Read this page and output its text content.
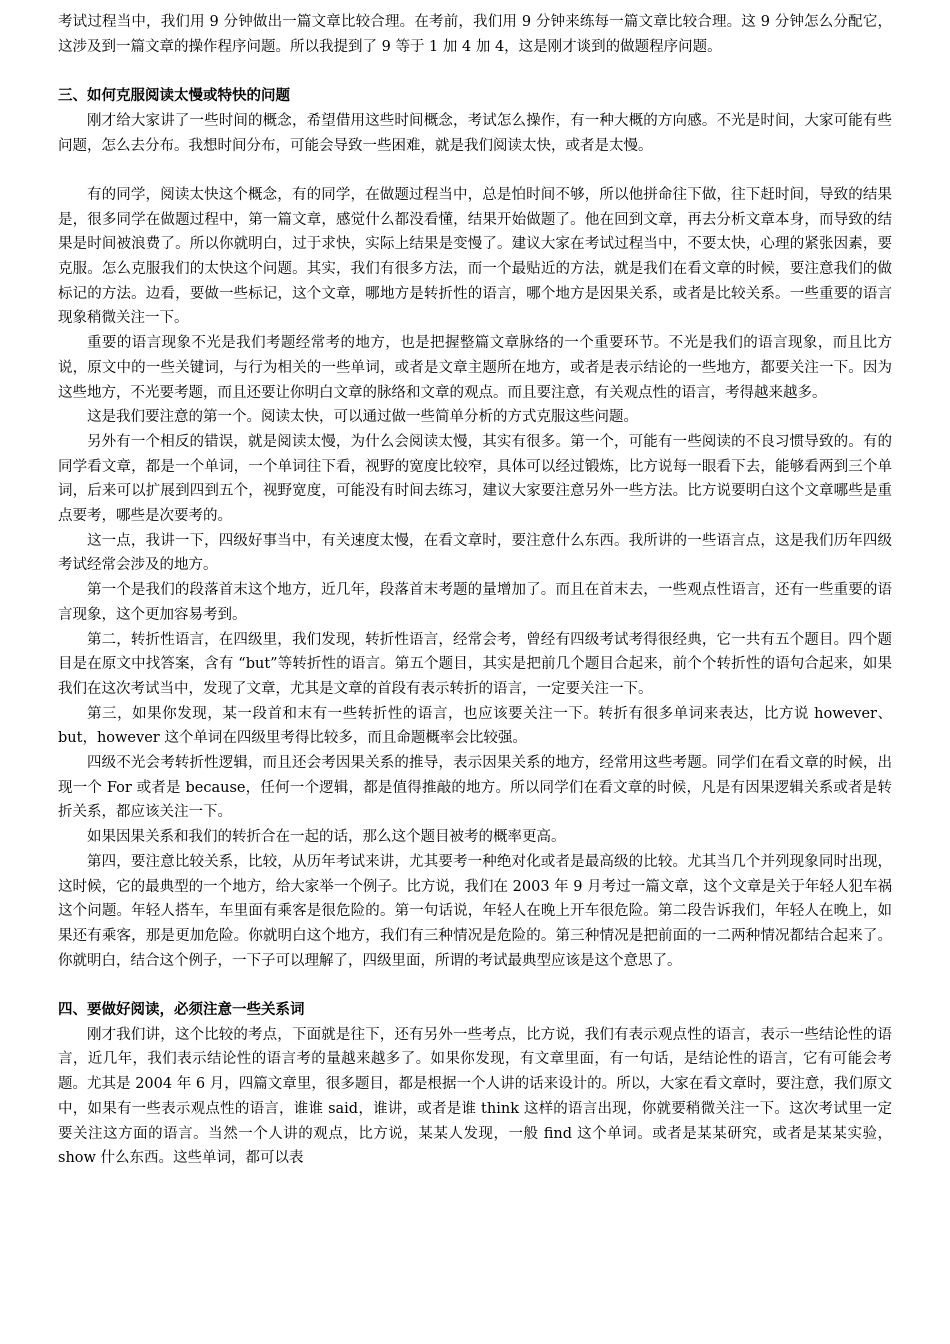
考试过程当中，我们用 9 分钟做出一篇文章比较合理。在考前，我们用 9 分钟来练每一篇文章比较合理。这 9 分钟怎么分配它，这涉及到一篇文章的操作程序问题。所以我提到了 9 等于 1 加 4 加 4，这是刚才谈到的做题程序问题。

三、如何克服阅读太慢或特快的问题

刚才给大家讲了一些时间的概念，希望借用这些时间概念，考试怎么操作，有一种大概的方向感。不光是时间，大家可能有些问题，怎么去分布。我想时间分布，可能会导致一些困难，就是我们阅读太快，或者是太慢。

有的同学，阅读太快这个概念，有的同学，在做题过程当中，总是怕时间不够，所以他拼命往下做，往下赶时间，导致的结果是，很多同学在做题过程中，第一篇文章，感觉什么都没看懂，结果开始做题了。他在回到文章，再去分析文章本身，而导致的结果是时间被浪费了。所以你就明白，过于求快，实际上结果是变慢了。建议大家在考试过程当中，不要太快，心理的紧张因素，要克服。怎么克服我们的太快这个问题。其实，我们有很多方法，而一个最贴近的方法，就是我们在看文章的时候，要注意我们的做标记的方法。边看，要做一些标记，这个文章，哪地方是转折性的语言，哪个地方是因果关系，或者是比较关系。一些重要的语言现象稍微关注一下。

重要的语言现象不光是我们考题经常考的地方，也是把握整篇文章脉络的一个重要环节。不光是我们的语言现象，而且比方说，原文中的一些关键词，与行为相关的一些单词，或者是文章主题所在地方，或者是表示结论的一些地方，都要关注一下。因为这些地方，不光要考题，而且还要让你明白文章的脉络和文章的观点。而且要注意，有关观点性的语言，考得越来越多。

这是我们要注意的第一个。阅读太快，可以通过做一些简单分析的方式克服这些问题。

另外有一个相反的错误，就是阅读太慢，为什么会阅读太慢，其实有很多。第一个，可能有一些阅读的不良习惯导致的。有的同学看文章，都是一个单词，一个单词往下看，视野的宽度比较窄，具体可以经过锻炼，比方说每一眼看下去，能够看两到三个单词，后来可以扩展到四到五个，视野宽度，可能没有时间去练习，建议大家要注意另外一些方法。比方说要明白这个文章哪些是重点要考，哪些是次要考的。

这一点，我讲一下，四级好事当中，有关速度太慢，在看文章时，要注意什么东西。我所讲的一些语言点，这是我们历年四级考试经常会涉及的地方。

第一个是我们的段落首末这个地方，近几年，段落首末考题的量增加了。而且在首末去，一些观点性语言，还有一些重要的语言现象，这个更加容易考到。

第二，转折性语言，在四级里，我们发现，转折性语言，经常会考，曾经有四级考试考得很经典，它一共有五个题目。四个题目是在原文中找答案，含有 “but”等转折性的语言。第五个题目，其实是把前几个题目合起来，前个个转折性的语句合起来，如果我们在这次考试当中，发现了文章，尤其是文章的首段有表示转折的语言，一定要关注一下。

第三，如果你发现，某一段首和末有一些转折性的语言，也应该要关注一下。转折有很多单词来表达，比方说 however、but，however 这个单词在四级里考得比较多，而且命题概率会比较强。

四级不光会考转折性逻辑，而且还会考因果关系的推导，表示因果关系的地方，经常用这些考题。同学们在看文章的时候，出现一个 For 或者是 because，任何一个逻辑，都是值得推敲的地方。所以同学们在看文章的时候，凡是有因果逻辑关系或者是转折关系，都应该关注一下。

如果因果关系和我们的转折合在一起的话，那么这个题目被考的概率更高。

第四，要注意比较关系，比较，从历年考试来讲，尤其要考一种绝对化或者是最高级的比较。尤其当几个并列现象同时出现，这时候，它的最典型的一个地方，给大家举一个例子。比方说，我们在 2003 年 9 月考过一篇文章，这个文章是关于年轻人犯车祸这个问题。年轻人搭车，车里面有乘客是很危险的。第一句话说，年轻人在晚上开车很危险。第二段告诉我们，年轻人在晚上，如果还有乘客，那是更加危险。你就明白这个地方，我们有三种情况是危险的。第三种情况是把前面的一二两种情况都结合起来了。你就明白，结合这个例子，一下子可以理解了，四级里面，所谓的考试最典型应该是这个意思了。

四、要做好阅读，必须注意一些关系词

刚才我们讲，这个比较的考点，下面就是往下，还有另外一些考点，比方说，我们有表示观点性的语言，表示一些结论性的语言，近几年，我们表示结论性的语言考的量越来越多了。如果你发现，有文章里面，有一句话，是结论性的语言，它有可能会考题。尤其是 2004 年 6 月，四篇文章里，很多题目，都是根据一个人讲的话来设计的。所以，大家在看文章时，要注意，我们原文中，如果有一些表示观点性的语言，谁谁 said，谁讲，或者是谁 think 这样的语言出现，你就要稍微关注一下。这次考试里一定要关注这方面的语言。当然一个人讲的观点，比方说，某某人发现，一般 find 这个单词。或者是某某研究，或者是某某实验，show 什么东西。这些单词，都可以表
